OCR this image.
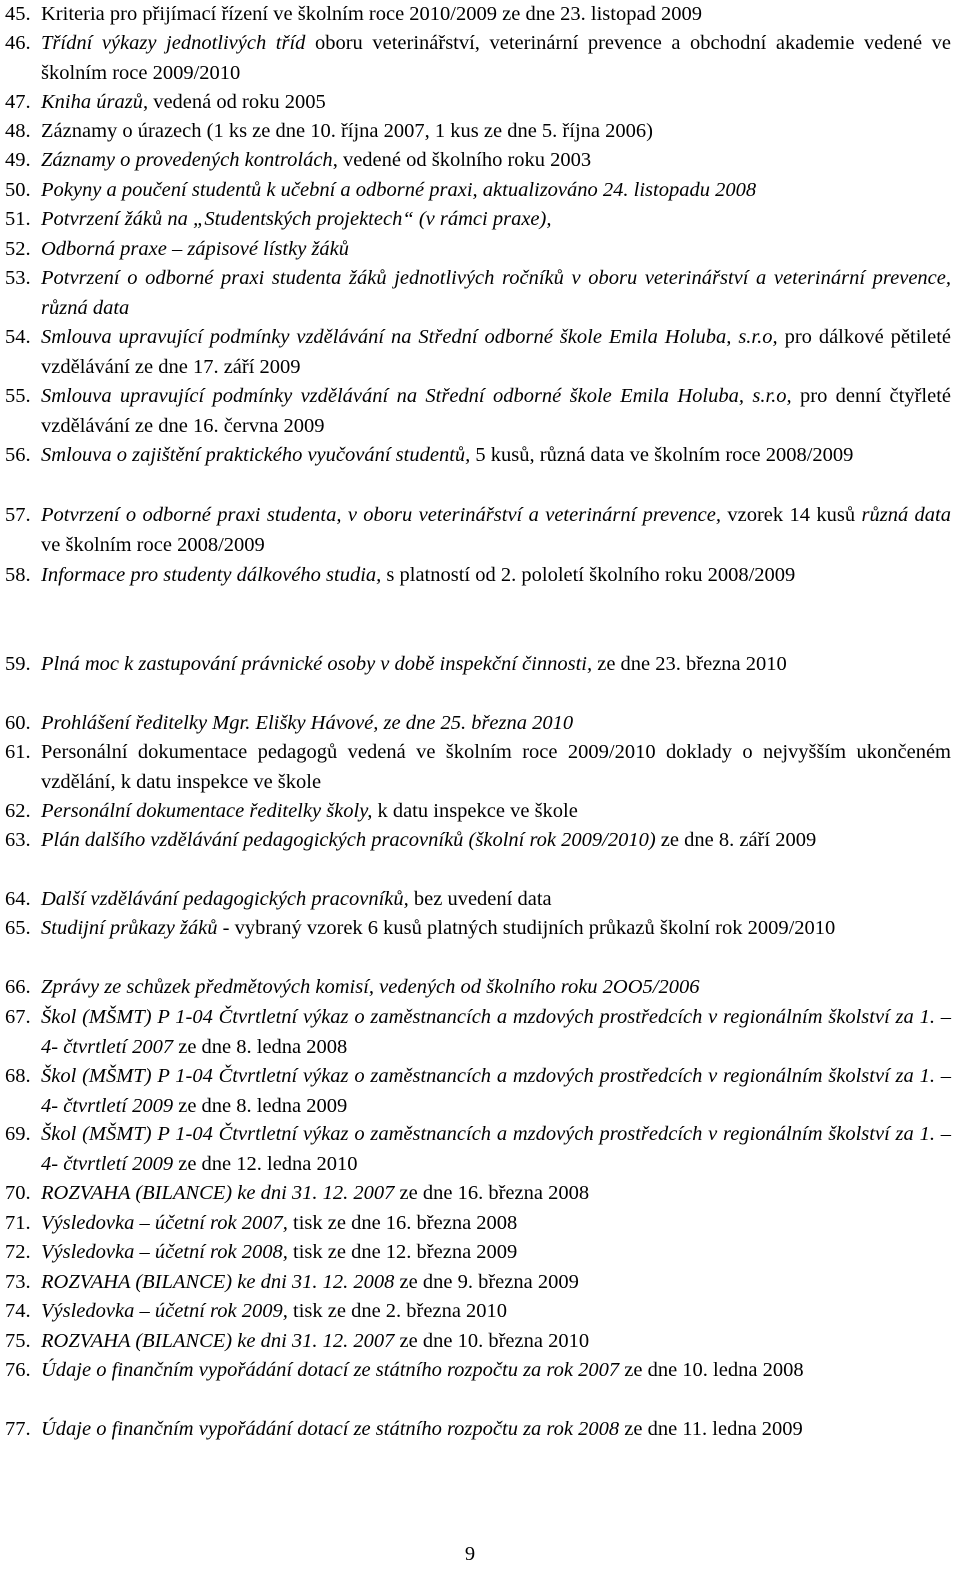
45. Kriteria pro přijímací řízení ve školním roce 2010/2009 ze dne 23. listopad 2009
46. Třídní výkazy jednotlivých tříd oboru veterinářství, veterinární prevence a obchodní akademie vedené ve školním roce 2009/2010
47. Kniha úrazů, vedená od roku 2005
48. Záznamy o úrazech (1 ks ze dne 10. října 2007, 1 kus ze dne 5. října 2006)
49. Záznamy o provedených kontrolách, vedené od školního roku 2003
50. Pokyny a poučení studentů k učební a odborné praxi, aktualizováno 24. listopadu 2008
51. Potvrzení žáků na „Studentských projektech“ (v rámci praxe),
52. Odborná praxe – zápisové lístky žáků
53. Potvrzení o odborné praxi studenta žáků jednotlivých ročníků v oboru veterinářství a veterinární prevence, různá data
54. Smlouva upravující podmínky vzdělávání na Střední odborné škole Emila Holuba, s.r.o, pro dálkové pětileté vzdělávání ze dne 17. září 2009
55. Smlouva upravující podmínky vzdělávání na Střední odborné škole Emila Holuba, s.r.o, pro denní čtyřleté vzdělávání ze dne 16. června 2009
56. Smlouva o zajištění praktického vyučování studentů, 5 kusů, různá data ve školním roce 2008/2009
57. Potvrzení o odborné praxi studenta, v oboru veterinářství a veterinární prevence, vzorek 14 kusů různá data ve školním roce 2008/2009
58. Informace pro studenty dálkového studia, s platností od 2. pololetí školního roku 2008/2009
59. Plná moc k zastupování právnické osoby v době inspekční činnosti, ze dne 23. března 2010
60. Prohlášení ředitelky Mgr. Elišky Hávové, ze dne 25. března 2010
61. Personální dokumentace pedagogů vedená ve školním roce 2009/2010 doklady o nejvyšším ukončeném vzdělání, k datu inspekce ve škole
62. Personální dokumentace ředitelky školy, k datu inspekce ve škole
63. Plán dalšího vzdělávání pedagogických pracovníků (školní rok 2009/2010) ze dne 8. září 2009
64. Další vzdělávání pedagogických pracovníků, bez uvedení data
65. Studijní průkazy žáků - vybraný vzorek 6 kusů platných studijních průkazů školní rok 2009/2010
66. Zprávy ze schůzek předmětových komisí, vedených od školního roku 2OO5/2006
67. Škol (MŠMT) P 1-04 Čtvrtletní výkaz o zaměstnancích a mzdových prostředcích v regionálním školství za 1. – 4- čtvrtletí 2007 ze dne 8. ledna 2008
68. Škol (MŠMT) P 1-04 Čtvrtletní výkaz o zaměstnancích a mzdových prostředcích v regionálním školství za 1. – 4- čtvrtletí 2009 ze dne 8. ledna 2009
69. Škol (MŠMT) P 1-04 Čtvrtletní výkaz o zaměstnancích a mzdových prostředcích v regionálním školství za 1. – 4- čtvrtletí 2009 ze dne 12. ledna 2010
70. ROZVAHA (BILANCE) ke dni 31. 12. 2007 ze dne 16. března 2008
71. Výsledovka – účetní rok 2007, tisk ze dne 16. března 2008
72. Výsledovka – účetní rok 2008, tisk ze dne 12. března 2009
73. ROZVAHA (BILANCE) ke dni 31. 12. 2008 ze dne 9. března 2009
74. Výsledovka – účetní rok 2009, tisk ze dne 2. března 2010
75. ROZVAHA (BILANCE) ke dni 31. 12. 2007 ze dne 10. března 2010
76. Údaje o finančním vypořádání dotací ze státního rozpočtu za rok 2007 ze dne 10. ledna 2008
77. Údaje o finančním vypořádání dotací ze státního rozpočtu za rok 2008 ze dne 11. ledna 2009
9
